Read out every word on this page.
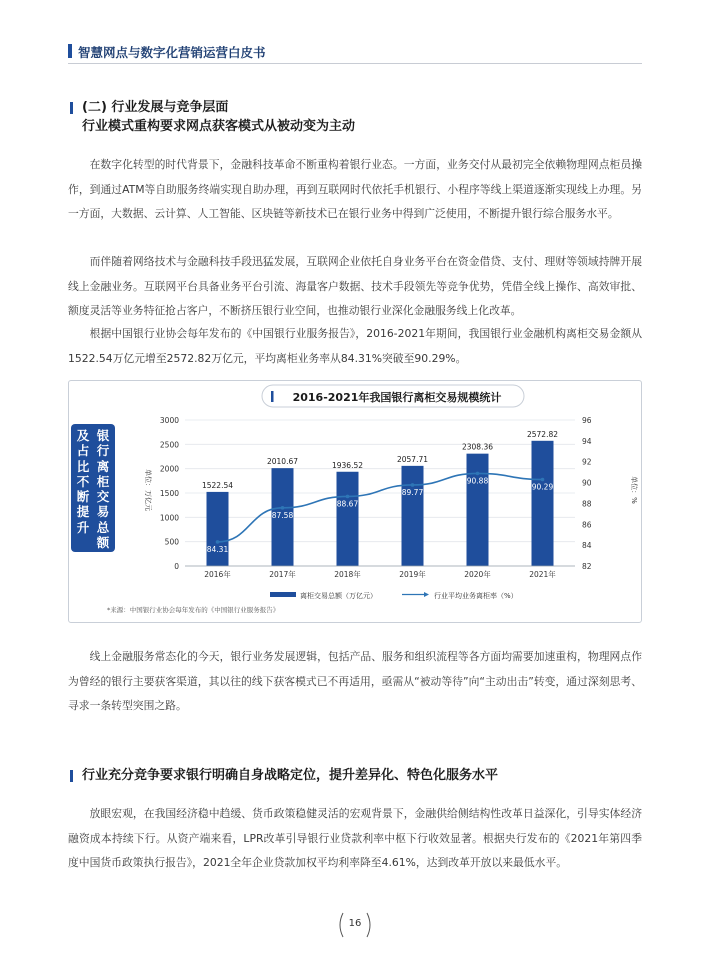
智慧网点与数字化营销运营白皮书
(二) 行业发展与竞争层面
行业模式重构要求网点获客模式从被动变为主动
在数字化转型的时代背景下，金融科技革命不断重构着银行业态。一方面，业务交付从最初完全依赖物理网点柜员操作，到通过ATM等自助服务终端实现自助办理，再到互联网时代依托手机银行、小程序等线上渠道逐渐实现线上办理。另一方面，大数据、云计算、人工智能、区块链等新技术已在银行业务中得到广泛使用，不断提升银行综合服务水平。
而伴随着网络技术与金融科技手段迅猛发展，互联网企业依托自身业务平台在资金借贷、支付、理财等领域持牌开展线上金融业务。互联网平台具备业务平台引流、海量客户数据、技术手段领先等竞争优势，凭借全线上操作、高效审批、额度灵活等业务特征抢占客户，不断挤压银行业空间，也推动银行业深化金融服务线上化改革。
根据中国银行业协会每年发布的《中国银行业服务报告》，2016-2021年期间，我国银行业金融机构离柜交易金额从1522.54万亿元增至2572.82万亿元，平均离柜业务率从84.31%突破至90.29%。
2016-2021年我国银行离柜交易规模统计
1522.54
2010.67	1936.52
2057.71
2308.36
2572.82
84.31
87.58
88.67
89.77
90.88
90.29
0
500
1000
1500
2000
2500
3000
82
84
86
88
90
92
94
96
2016年	2017年	2018年	2019年	2020年	2021年
单位：万亿元	单位：%
离柜交易总额（万亿元）	行业平均业务离柜率（%）
*来源：中国银行业协会每年发布的《中国银行业服务报告》
银行离柜交易总额
及占比不断提升
线上金融服务常态化的今天，银行业务发展逻辑，包括产品、服务和组织流程等各方面均需要加速重构，物理网点作为曾经的银行主要获客渠道，其以往的线下获客模式已不再适用，亟需从“被动等待”向“主动出击”转变，通过深刻思考、寻求一条转型突围之路。
行业充分竞争要求银行明确自身战略定位，提升差异化、特色化服务水平
放眼宏观，在我国经济稳中趋缓、货币政策稳健灵活的宏观背景下，金融供给侧结构性改革日益深化，引导实体经济融资成本持续下行。从资产端来看，LPR改革引导银行业贷款利率中枢下行收效显著。根据央行发布的《2021年第四季度中国货币政策执行报告》，2021全年企业贷款加权平均利率降至4.61%，达到改革开放以来最低水平。
16
